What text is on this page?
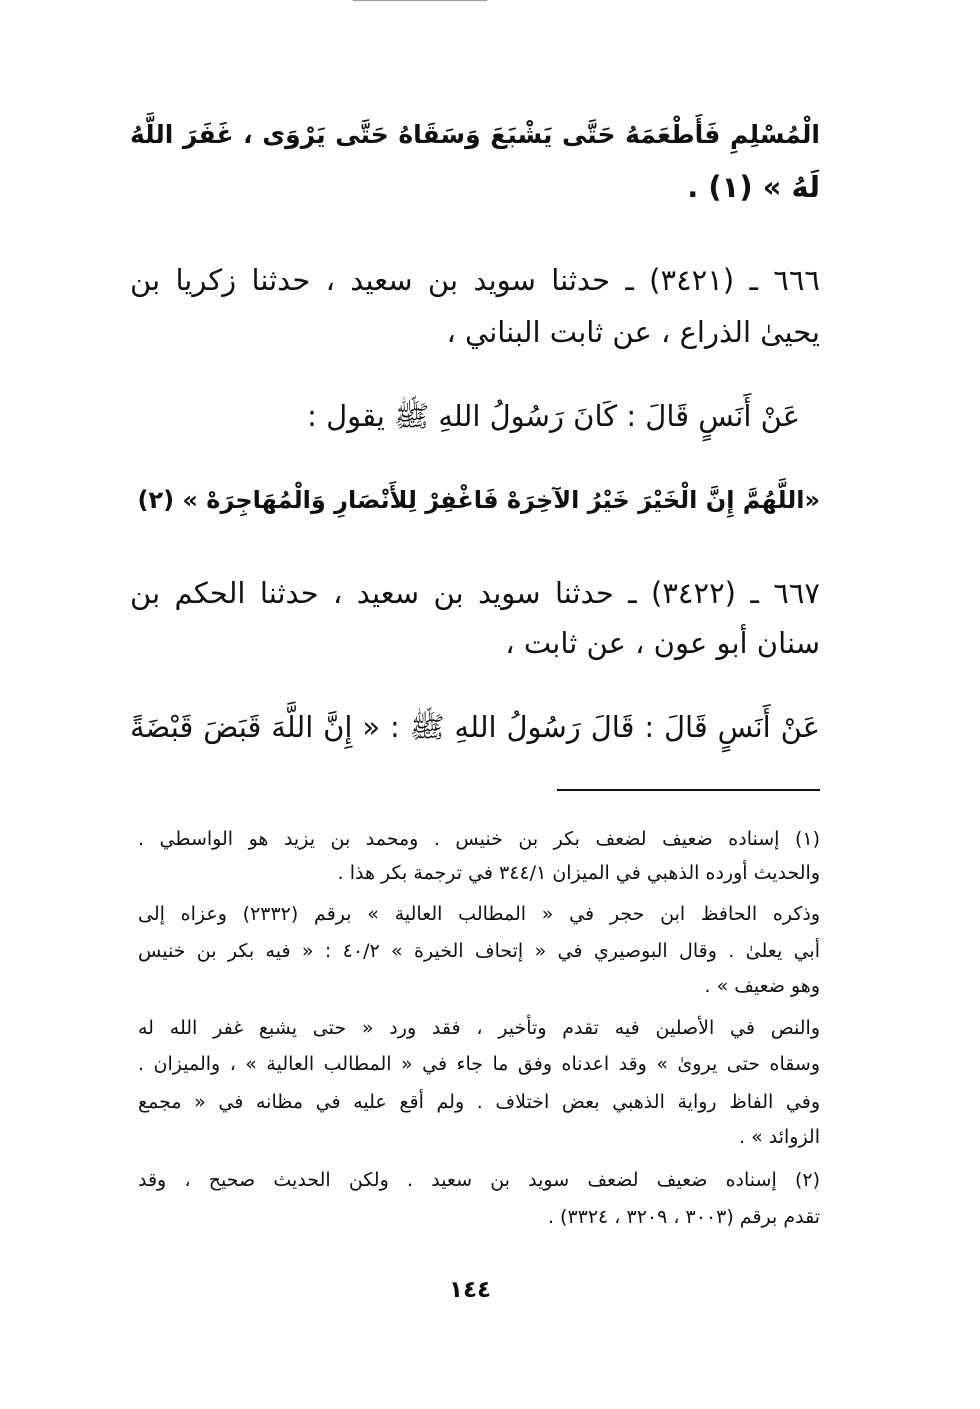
الْمُسْلِمِ فَأَطْعَمَهُ حَتَّى يَشْبَعَ وَسَقَاهُ حَتَّى يَرْوَى ، غَفَرَ اللَّهُ
لَهُ » (١) .
٦٦٦ ـ (٣٤٢١) ـ حدثنا سويد بن سعيد ، حدثنا زكريا بن
يحيىٰ الذراع ، عن ثابت البناني ،
عَنْ أَنَسٍ قَالَ : كَانَ رَسُولُ اللهِ ﷺ يقول :
«اللَّهُمَّ إِنَّ الْخَيْرَ خَيْرُ الآخِرَهْ فَاغْفِرْ لِلأَنْصَارِ وَالْمُهَاجِرَهْ » (٢)
٦٦٧ ـ (٣٤٢٢) ـ حدثنا سويد بن سعيد ، حدثنا الحكم بن
سنان أبو عون ، عن ثابت ،
عَنْ أَنَسٍ قَالَ : قَالَ رَسُولُ اللهِ ﷺ : « إِنَّ اللَّهَ قَبَضَ قَبْضَةً
(١) إسناده ضعيف لضعف بكر بن خنيس . ومحمد بن يزيد هو الواسطي .
والحديث أورده الذهبي في الميزان ٣٤٤/١ في ترجمة بكر هذا .
وذكره الحافظ ابن حجر في « المطالب العالية » برقم (٢٣٣٢) وعزاه إلى
أبي يعلىٰ . وقال البوصيري في « إتحاف الخيرة » ٤٠/٢ : « فيه بكر بن خنيس
وهو ضعيف » .
والنص في الأصلين فيه تقدم وتأخير ، فقد ورد « حتى يشبع غفر الله له
وسقاه حتى يروىٰ » وقد اعدناه وفق ما جاء في « المطالب العالية » ، والميزان .
وفي الفاظ رواية الذهبي بعض اختلاف . ولم أقع عليه في مظانه في « مجمع
الزوائد » .
(٢) إسناده ضعيف لضعف سويد بن سعيد . ولكن الحديث صحيح ، وقد
تقدم برقم (٣٠٠٣ ، ٣٢٠٩ ، ٣٣٢٤) .
١٤٤
